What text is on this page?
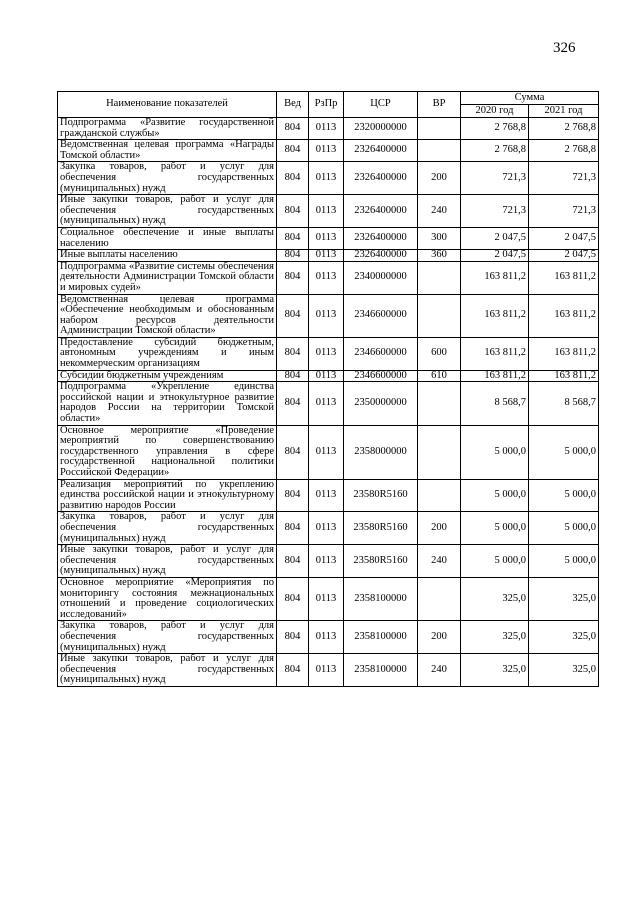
326
Наименование показателей	Вед	РзПр	ЦСР	ВР	Сумма	
					2020 год	2021 год
Подпрограмма «Развитие государственной гражданской службы»	804	0113	2320000000		2 768,8	2 768,8
Ведомственная целевая программа «Награды Томской области»	804	0113	2326400000		2 768,8	2 768,8
Закупка товаров, работ и услуг для обеспечения государственных (муниципальных) нужд	804	0113	2326400000	200	721,3	721,3
Иные закупки товаров, работ и услуг для обеспечения государственных (муниципальных) нужд	804	0113	2326400000	240	721,3	721,3
Социальное обеспечение и иные выплаты населению	804	0113	2326400000	300	2 047,5	2 047,5
Иные выплаты населению	804	0113	2326400000	360	2 047,5	2 047,5
Подпрограмма «Развитие системы обеспечения деятельности Администрации Томской области и мировых судей»	804	0113	2340000000		163 811,2	163 811,2
Ведомственная целевая программа «Обеспечение необходимым и обоснованным набором ресурсов деятельности Администрации Томской области»	804	0113	2346600000		163 811,2	163 811,2
Предоставление субсидий бюджетным, автономным учреждениям и иным некоммерческим организациям	804	0113	2346600000	600	163 811,2	163 811,2
Субсидии бюджетным учреждениям	804	0113	2346600000	610	163 811,2	163 811,2
Подпрограмма «Укрепление единства российской нации и этнокультурное развитие народов России на территории Томской области»	804	0113	2350000000		8 568,7	8 568,7
Основное мероприятие «Проведение мероприятий по совершенствованию государственного управления в сфере государственной национальной политики Российской Федерации»	804	0113	2358000000		5 000,0	5 000,0
Реализация мероприятий по укреплению единства российской нации и этнокультурному развитию народов России	804	0113	23580R5160		5 000,0	5 000,0
Закупка товаров, работ и услуг для обеспечения государственных (муниципальных) нужд	804	0113	23580R5160	200	5 000,0	5 000,0
Иные закупки товаров, работ и услуг для обеспечения государственных (муниципальных) нужд	804	0113	23580R5160	240	5 000,0	5 000,0
Основное мероприятие «Мероприятия по мониторингу состояния межнациональных отношений и проведение социологических исследований»	804	0113	2358100000		325,0	325,0
Закупка товаров, работ и услуг для обеспечения государственных (муниципальных) нужд	804	0113	2358100000	200	325,0	325,0
Иные закупки товаров, работ и услуг для обеспечения государственных (муниципальных) нужд	804	0113	2358100000	240	325,0	325,0
